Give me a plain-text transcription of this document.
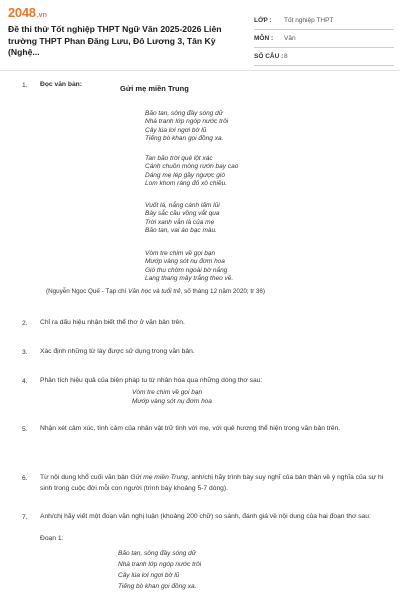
2048 .vn
Đề thi thử Tốt nghiệp THPT Ngữ Văn 2025-2026 Liên trường THPT Phan Đăng Lưu, Đô Lương 3, Tân Kỳ (Nghệ...
LỚP : Tốt nghiệp THPT
MÔN : Văn
SỐ CÂU : 8
1. Đọc văn bản:	Gửi mẹ miền Trung
Bão tan, sông đầy sóng dữ
Nhà tranh lớp ngóp nước trôi
Cây lúa lơi ngơi bờ lũ
Tiếng bò khan gọi đồng xa.
Tan bão trời quê lột xác
Cánh chuồn mông rướn bay cao
Dáng mẹ lép gầy ngược gió
Lom khom ráng đỏ xô chiều.
Vuốt lá, nắng cánh lấm lũi
Bày sắc cầu vồng vắt qua
Trời xanh vẫn là của mẹ
Bão tan, vai áo bạc màu.
Vòm tre chim về gọi bạn
Mướp vàng sót nụ đơm hoa
Gió thu chờm ngoài bờ nắng
Lang thang mây trắng theo về.
(Nguyễn Ngọc Quế - Tạp chí Văn học và tuổi trẻ, số tháng 12 năm 2020; tr 36)
2. Chỉ ra dấu hiệu nhận biết thể thơ ở văn bản trên.
3. Xác định những từ láy được sử dụng trong văn bản.
4. Phân tích hiệu quả của biện pháp tu từ nhân hóa qua những dòng thơ sau:
Vòm tre chim về gọi bạn
Mướp vàng sót nụ đơm hoa
5. Nhận xét cảm xúc, tình cảm của nhân vật trữ tình với mẹ, với quê hương thể hiện trong văn bản trên.
6. Từ nội dung khổ cuối văn bản Gửi mẹ miền Trung, anh/chị hãy trình bày suy nghĩ của bản thân về ý nghĩa của sự hi sinh trong cuộc đời mỗi con người (trình bày khoảng 5-7 dòng).
7. Anh/chị hãy viết một đoạn văn nghị luận (khoảng 200 chữ) so sánh, đánh giá về nội dung của hai đoạn thơ sau:
Đoạn 1:
Bão tan, sông đầy sóng dữ
Nhà tranh lớp ngóp nước trôi
Cây lúa lơi ngơi bờ lũ
Tiếng bò khan gọi đồng xa.
